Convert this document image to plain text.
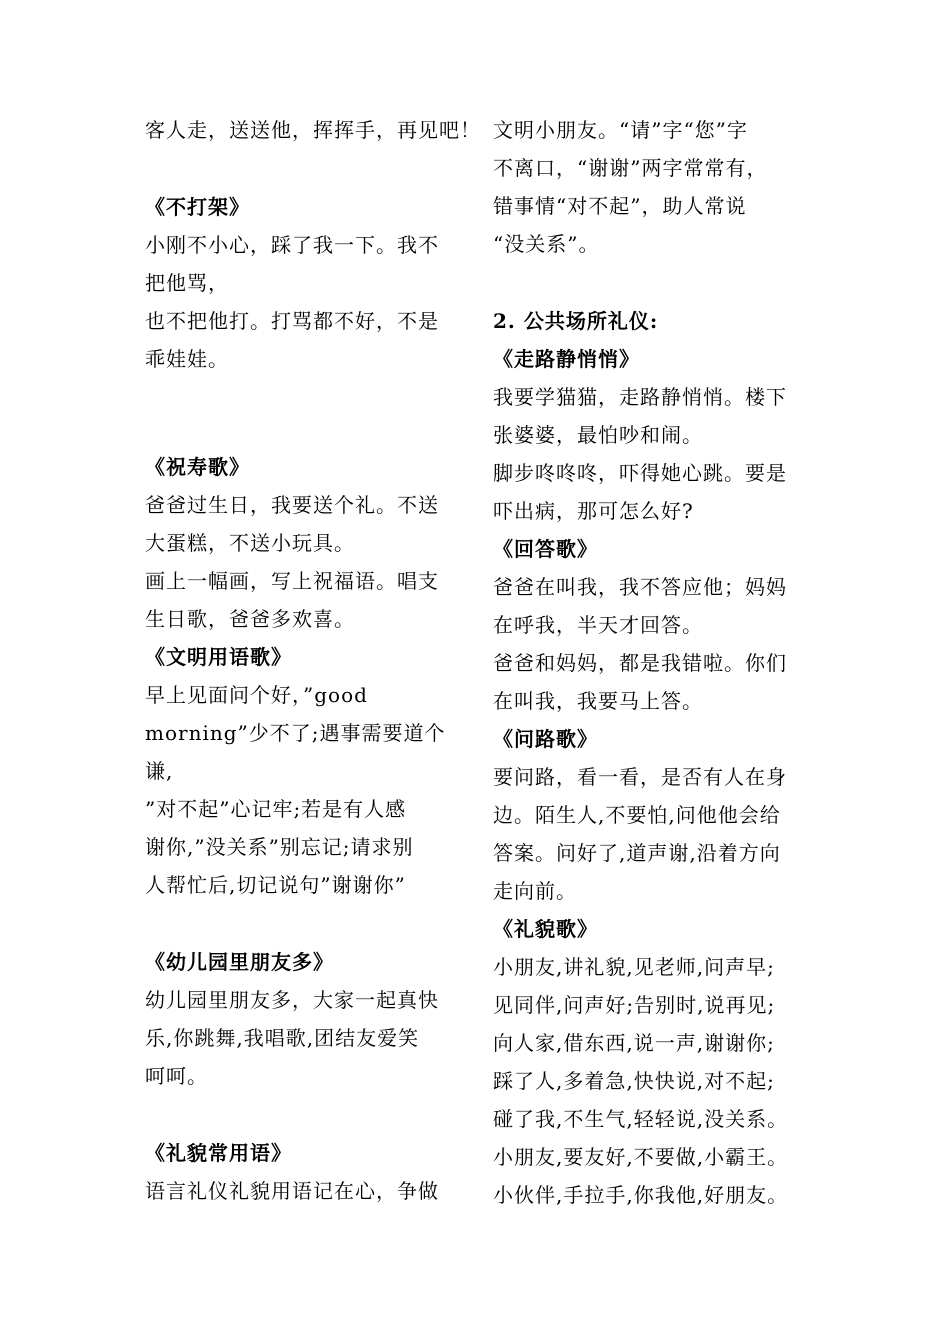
客人走，送送他，挥挥手，再见吧！
《不打架》
小刚不小心，踩了我一下。我不
把他骂，
也不把他打。打骂都不好，不是
乖娃娃。
《祝寿歌》
爸爸过生日，我要送个礼。不送
大蛋糕，不送小玩具。
画上一幅画，写上祝福语。唱支
生日歌，爸爸多欢喜。
《文明用语歌》
早上见面问个好，”good
morning”少不了;遇事需要道个
谦,
”对不起”心记牢;若是有人感
谢你,”没关系”别忘记;请求别
人帮忙后,切记说句”谢谢你”
《幼儿园里朋友多》
幼儿园里朋友多，大家一起真快
乐,你跳舞,我唱歌,团结友爱笑
呵呵。
《礼貌常用语》
语言礼仪礼貌用语记在心，争做
文明小朋友。“请”字“您”字
不离口，“谢谢”两字常常有，
错事情“对不起”，助人常说
“没关系”。
2. 公共场所礼仪:
《走路静悄悄》
我要学猫猫，走路静悄悄。楼下
张婆婆，最怕吵和闹。
脚步咚咚咚，吓得她心跳。要是
吓出病，那可怎么好?
《回答歌》
爸爸在叫我，我不答应他；妈妈
在呼我，半天才回答。
爸爸和妈妈，都是我错啦。你们
在叫我，我要马上答。
《问路歌》
要问路，看一看，是否有人在身
边。陌生人,不要怕,问他他会给
答案。问好了,道声谢,沿着方向
走向前。
《礼貌歌》
小朋友,讲礼貌,见老师,问声早;
见同伴,问声好;告别时,说再见;
向人家,借东西,说一声,谢谢你;
踩了人,多着急,快快说,对不起;
碰了我,不生气,轻轻说,没关系。
小朋友,要友好,不要做,小霸王。
小伙伴,手拉手,你我他,好朋友。
